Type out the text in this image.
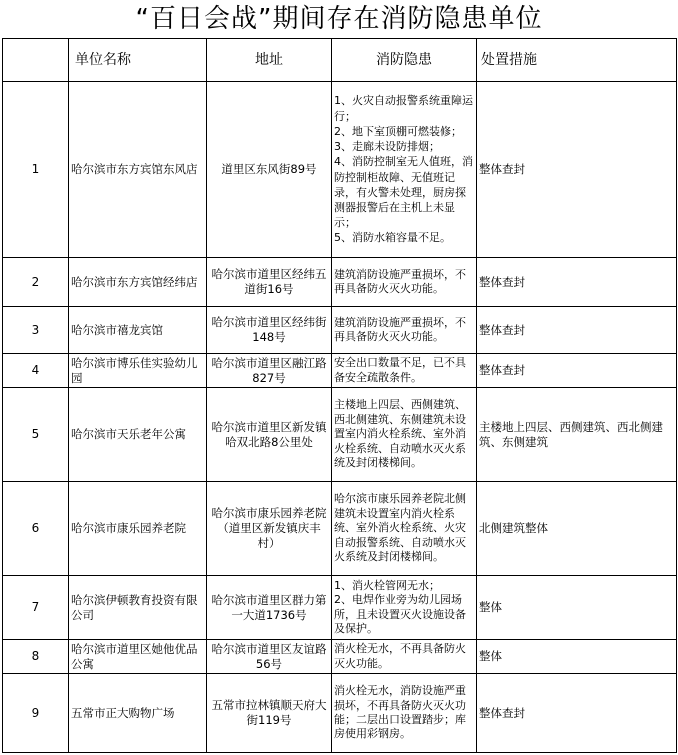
“百日会战”期间存在消防隐患单位
	单位名称	地址	消防隐患	处置措施
1	哈尔滨市东方宾馆东风店	道里区东风街89号	1、火灾自动报警系统重障运行；
2、地下室顶棚可燃装修；
3、走廊未设防排烟；
4、消防控制室无人值班，消防控制柜故障、无值班记录，有火警未处理，厨房探测器报警后在主机上未显示；
5、消防水箱容量不足。	整体查封
2	哈尔滨市东方宾馆经纬店	哈尔滨市道里区经纬五道街16号	建筑消防设施严重损坏，不再具备防火灭火功能。	整体查封
3	哈尔滨市禧龙宾馆	哈尔滨市道里区经纬街148号	建筑消防设施严重损坏，不再具备防火灭火功能。	整体查封
4	哈尔滨市博乐佳实验幼儿园	哈尔滨市道里区融江路827号	安全出口数量不足，已不具备安全疏散条件。	整体查封
5	哈尔滨市天乐老年公寓	哈尔滨市道里区新发镇哈双北路8公里处	主楼地上四层、西侧建筑、西北侧建筑、东侧建筑未设置室内消火栓系统、室外消火栓系统、自动喷水灭火系统及封闭楼梯间。	主楼地上四层、西侧建筑、西北侧建筑、东侧建筑
6	哈尔滨市康乐园养老院	哈尔滨市康乐园养老院（道里区新发镇庆丰村）	哈尔滨市康乐园养老院北侧建筑未设置室内消火栓系统、室外消火栓系统、火灾自动报警系统、自动喷水灭火系统及封闭楼梯间。	北侧建筑整体
7	哈尔滨伊顿教育投资有限公司	哈尔滨市道里区群力第一大道1736号	1、消火栓管网无水；
2、电焊作业旁为幼儿园场所，且未设置灭火设施设备及保护。	整体
8	哈尔滨市道里区她他优品公寓	哈尔滨市道里区友谊路56号	消火栓无水，不再具备防火灭火功能。	整体
9	五常市正大购物广场	五常市拉林镇顺天府大街119号	消火栓无水，消防设施严重损坏，不再具备防火灭火功能；二层出口设置踏步；库房使用彩钢房。	整体查封
